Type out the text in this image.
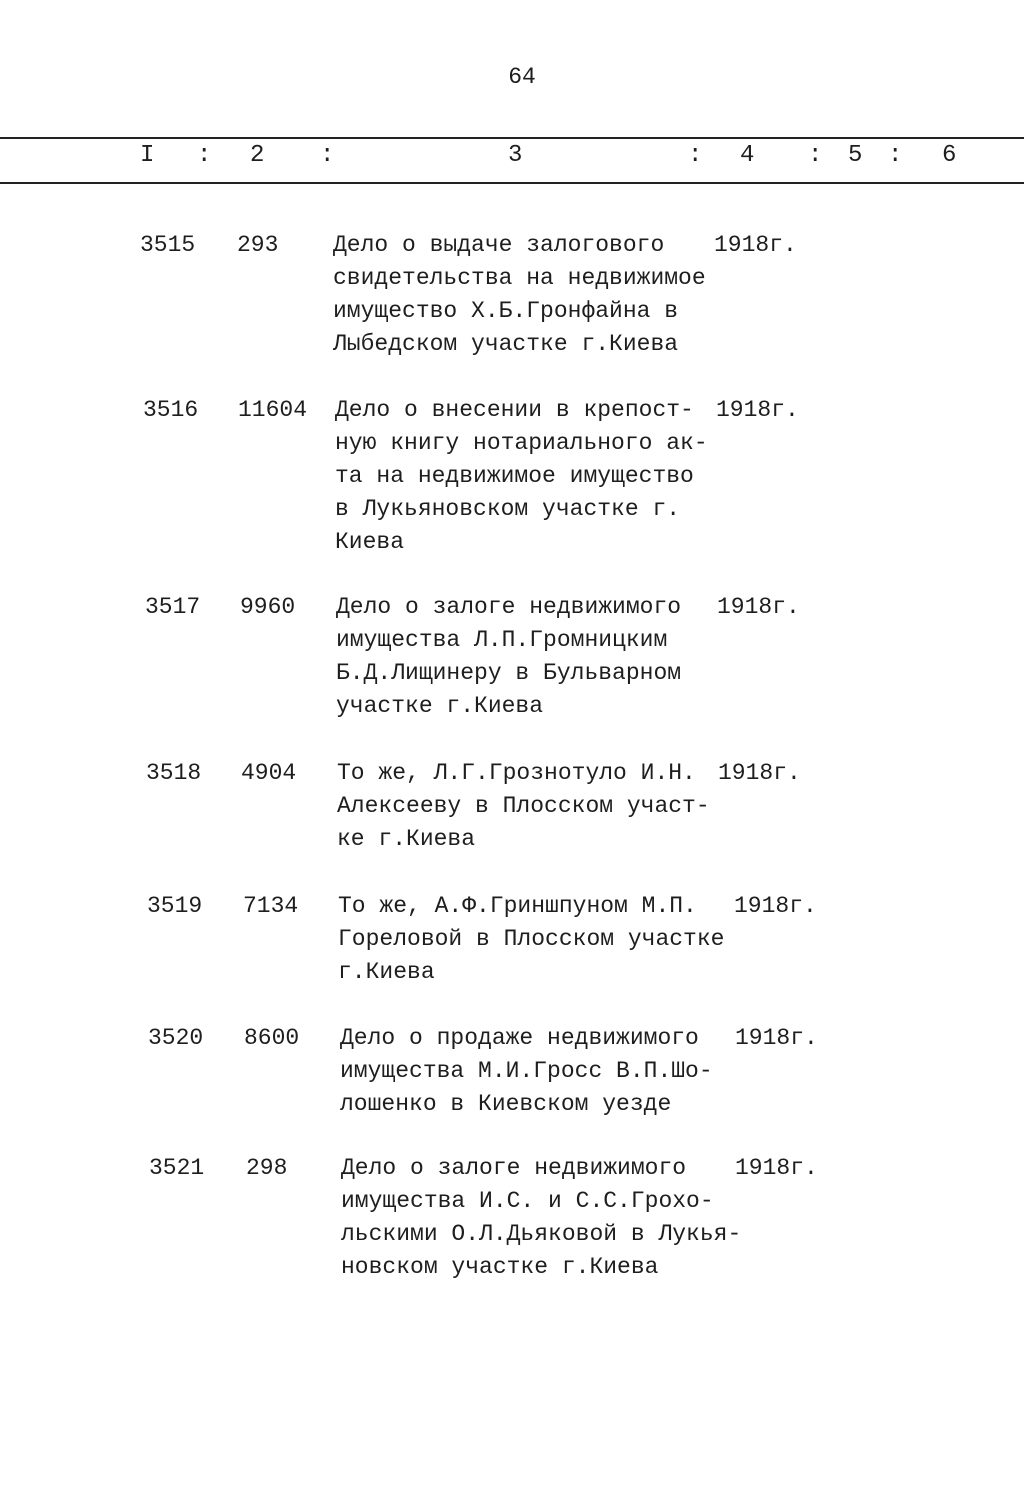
64
I : 2 :	3	: 4 : 5 : 6
3515 293 Дело о выдаче залогового
свидетельства на недвижимое
имущество Х.Б.Гронфайна в
Лыбедском участке г.Киева
1918г.
3516 11604 Дело о внесении в крепост-
ную книгу нотариального ак-
та на недвижимое имущество
в Лукьяновском участке г.
Киева
1918г.
3517 9960 Дело о залоге недвижимого
имущества Л.П.Громницким
Б.Д.Лищинеру в Бульварном
участке г.Киева
1918г.
3518 4904 То же, Л.Г.Грознотуло И.Н.
Алексееву в Плосском участ-
ке г.Киева
1918г.
3519 7134 То же, А.Ф.Гриншпуном М.П.
Гореловой в Плосском участке
г.Киева
1918г.
3520 8600 Дело о продаже недвижимого
имущества М.И.Гросс В.П.Шо-
лошенко в Киевском уезде
1918г.
3521 298 Дело о залоге недвижимого
имущества И.С. и С.С.Грохо-
льскими О.Л.Дьяковой в Лукья-
новском участке г.Киева
1918г.
